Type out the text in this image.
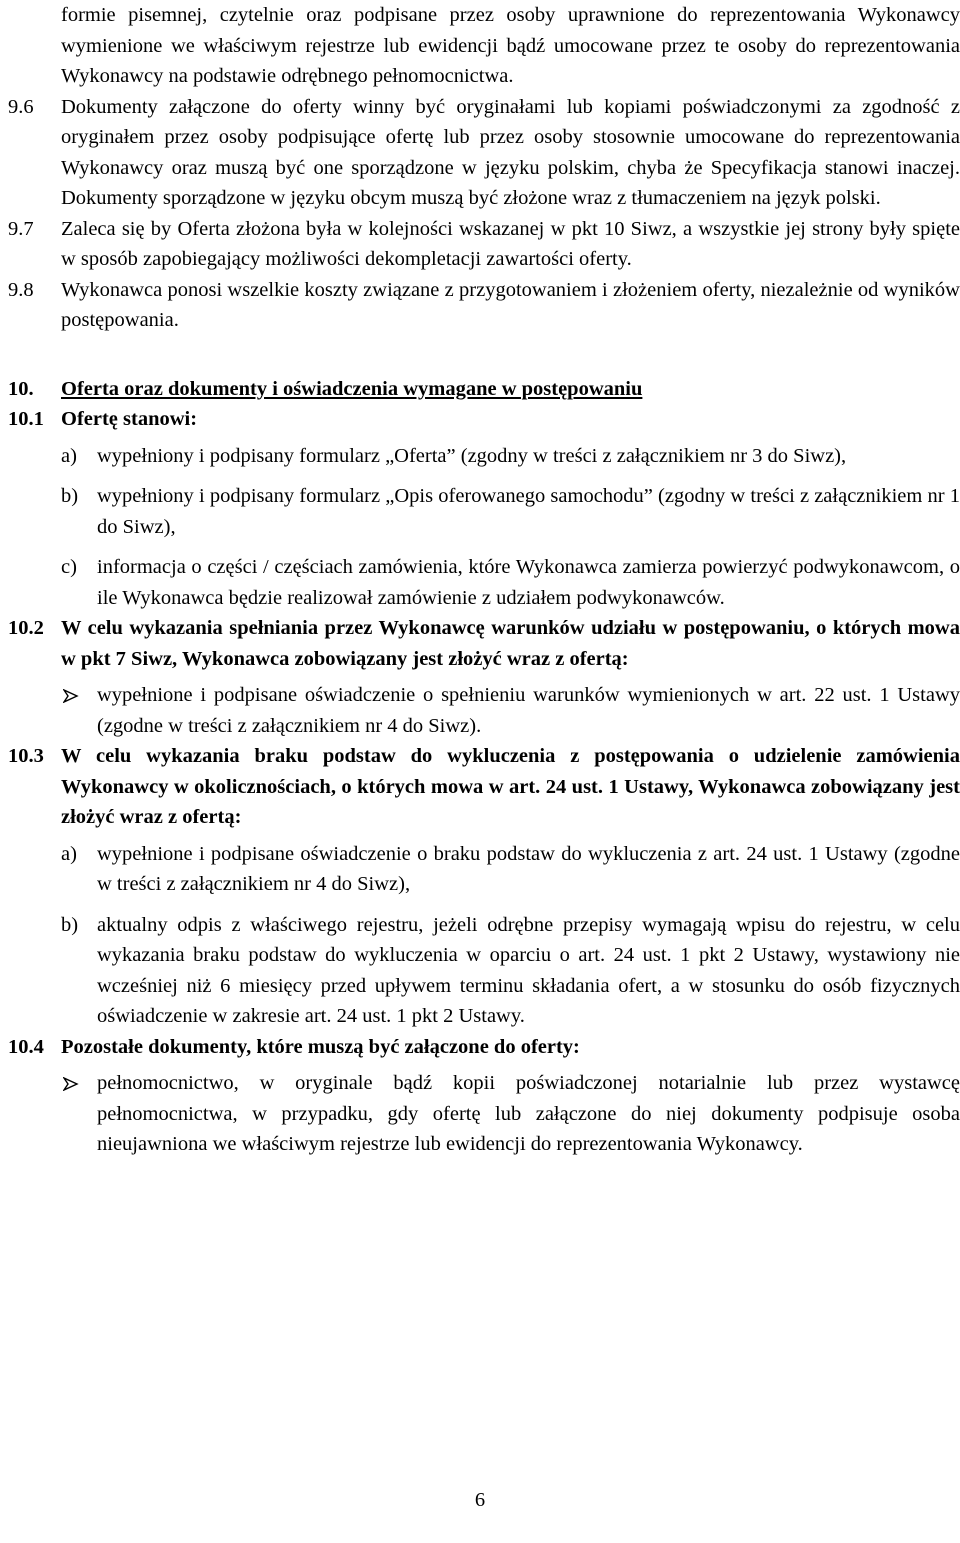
formie pisemnej, czytelnie oraz podpisane przez osoby uprawnione do reprezentowania Wykonawcy wymienione we właściwym rejestrze lub ewidencji bądź umocowane przez te osoby do reprezentowania Wykonawcy na podstawie odrębnego pełnomocnictwa.

9.6 Dokumenty załączone do oferty winny być oryginałami lub kopiami poświadczonymi za zgodność z oryginałem przez osoby podpisujące ofertę lub przez osoby stosownie umocowane do reprezentowania Wykonawcy oraz muszą być one sporządzone w języku polskim, chyba że Specyfikacja stanowi inaczej. Dokumenty sporządzone w języku obcym muszą być złożone wraz z tłumaczeniem na język polski.

9.7 Zaleca się by Oferta złożona była w kolejności wskazanej w pkt 10 Siwz, a wszystkie jej strony były spięte w sposób zapobiegający możliwości dekompletacji zawartości oferty.

9.8 Wykonawca ponosi wszelkie koszty związane z przygotowaniem i złożeniem oferty, niezależnie od wyników postępowania.

10. Oferta oraz dokumenty i oświadczenia wymagane w postępowaniu

10.1 Ofertę stanowi:

a) wypełniony i podpisany formularz „Oferta” (zgodny w treści z załącznikiem nr 3 do Siwz),

b) wypełniony i podpisany formularz „Opis oferowanego samochodu” (zgodny w treści z załącznikiem nr 1 do Siwz),

c) informacja o części / częściach zamówienia, które Wykonawca zamierza powierzyć podwykonawcom, o ile Wykonawca będzie realizował zamówienie z udziałem podwykonawców.

10.2 W celu wykazania spełniania przez Wykonawcę warunków udziału w postępowaniu, o których mowa w pkt 7 Siwz, Wykonawca zobowiązany jest złożyć wraz z ofertą:

wypełnione i podpisane oświadczenie o spełnieniu warunków wymienionych w art. 22 ust. 1 Ustawy (zgodne w treści z załącznikiem nr 4 do Siwz).

10.3 W celu wykazania braku podstaw do wykluczenia z postępowania o udzielenie zamówienia Wykonawcy w okolicznościach, o których mowa w art. 24 ust. 1 Ustawy, Wykonawca zobowiązany jest złożyć wraz z ofertą:

a) wypełnione i podpisane oświadczenie o braku podstaw do wykluczenia z art. 24 ust. 1 Ustawy (zgodne w treści z załącznikiem nr 4 do Siwz),

b) aktualny odpis z właściwego rejestru, jeżeli odrębne przepisy wymagają wpisu do rejestru, w celu wykazania braku podstaw do wykluczenia w oparciu o art. 24 ust. 1 pkt 2 Ustawy, wystawiony nie wcześniej niż 6 miesięcy przed upływem terminu składania ofert, a w stosunku do osób fizycznych oświadczenie w zakresie art. 24 ust. 1 pkt 2 Ustawy.

10.4 Pozostałe dokumenty, które muszą być załączone do oferty:

pełnomocnictwo, w oryginale bądź kopii poświadczonej notarialnie lub przez wystawcę pełnomocnictwa, w przypadku, gdy ofertę lub załączone do niej dokumenty podpisuje osoba nieujawniona we właściwym rejestrze lub ewidencji do reprezentowania Wykonawcy.

6
